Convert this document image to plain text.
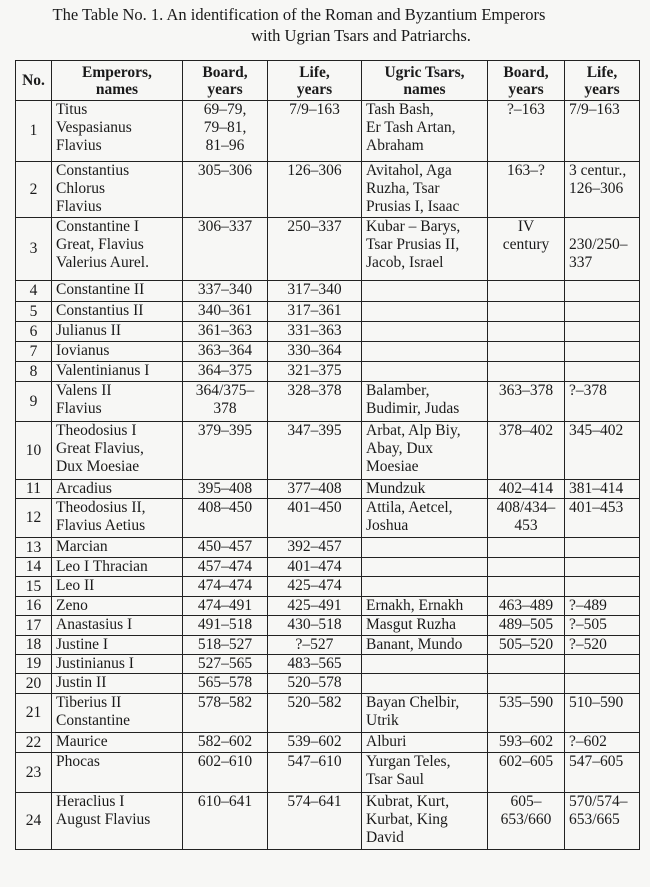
The Table No. 1. An identification of the Roman and Byzantium Emperors
with Ugrian Tsars and Patriarchs.
No.	Emperors,
names	Board,
years	Life,
years	Ugric Tsars,
names	Board,
years	Life,
years
1	Titus
Vespasianus
Flavius	69–79,
79–81,
81–96	7/9–163	Tash Bash,
Er Tash Artan,
Abraham	?–163	7/9–163
2	Constantius
Chlorus
Flavius	305–306	126–306	Avitahol, Aga
Ruzha, Tsar
Prusias I, Isaac	163–?	3 centur.,
126–306
3	Constantine I
Great, Flavius
Valerius Aurel.	306–337	250–337	Kubar – Barys,
Tsar Prusias II,
Jacob, Israel	IV
century	
230/250–
337
4	Constantine II	337–340	317–340			
5	Constantius II	340–361	317–361			
6	Julianus II	361–363	331–363			
7	Iovianus	363–364	330–364			
8	Valentinianus I	364–375	321–375			
9	Valens II
Flavius	364/375–
378	328–378	Balamber,
Budimir, Judas	363–378	?–378
10	Theodosius I
Great Flavius,
Dux Moesiae	379–395	347–395	Arbat, Alp Biy,
Abay, Dux
Moesiae	378–402	345–402
11	Arcadius	395–408	377–408	Mundzuk	402–414	381–414
12	Theodosius II,
Flavius Aetius	408–450	401–450	Attila, Aetcel,
Joshua	408/434–
453	401–453
13	Marcian	450–457	392–457			
14	Leo I Thracian	457–474	401–474			
15	Leo II	474–474	425–474			
16	Zeno	474–491	425–491	Ernakh, Ernakh	463–489	?–489
17	Anastasius I	491–518	430–518	Masgut Ruzha	489–505	?–505
18	Justine I	518–527	?–527	Banant, Mundo	505–520	?–520
19	Justinianus I	527–565	483–565			
20	Justin II	565–578	520–578			
21	Tiberius II
Constantine	578–582	520–582	Bayan Chelbir,
Utrik	535–590	510–590
22	Maurice	582–602	539–602	Alburi	593–602	?–602
23	Phocas	602–610	547–610	Yurgan Teles,
Tsar Saul	602–605	547–605
24	Heraclius I
August Flavius	610–641	574–641	Kubrat, Kurt,
Kurbat, King
David	605–
653/660	570/574–
653/665
